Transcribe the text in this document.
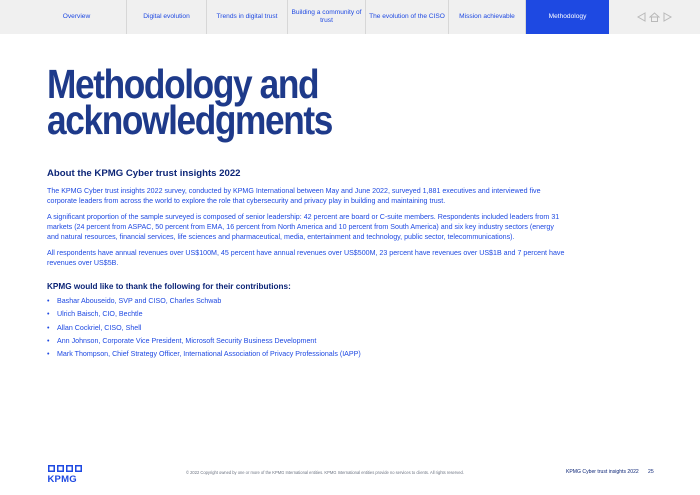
Overview	Digital evolution	Trends in digital trust
Building a community of trust
The evolution of the CISO	Mission achievable	Methodology
Methodology and
acknowledgments
About the KPMG Cyber trust insights 2022

The KPMG Cyber trust insights 2022 survey, conducted by KPMG International between May and June 2022, surveyed 1,881 executives and interviewed five corporate leaders from across the world to explore the role that cybersecurity and privacy play in building and maintaining trust.

A significant proportion of the sample surveyed is composed of senior leadership: 42 percent are board or C-suite members. Respondents included leaders from 31 markets (24 percent from ASPAC, 50 percent from EMA, 16 percent from North America and 10 percent from South America) and six key industry sectors (energy and natural resources, financial services, life sciences and pharmaceutical, media, entertainment and technology, public sector, telecommunications).

All respondents have annual revenues over US$100M, 45 percent have annual revenues over US$500M, 23 percent have revenues over US$1B and 7 percent have revenues over US$5B.

KPMG would like to thank the following for their contributions:
•	Bashar Abouseido, SVP and CISO, Charles Schwab
•	Ulrich Baisch, CIO, Bechtle
•	Allan Cockriel, CISO, Shell
•	Ann Johnson, Corporate Vice President, Microsoft Security Business Development
•	Mark Thompson, Chief Strategy Officer, International Association of Privacy Professionals (IAPP)
KPMG
© 2022 Copyright owned by one or more of the KPMG International entities. KPMG International entities provide no services to clients. All rights reserved.	KPMG Cyber trust insights 2022 25
